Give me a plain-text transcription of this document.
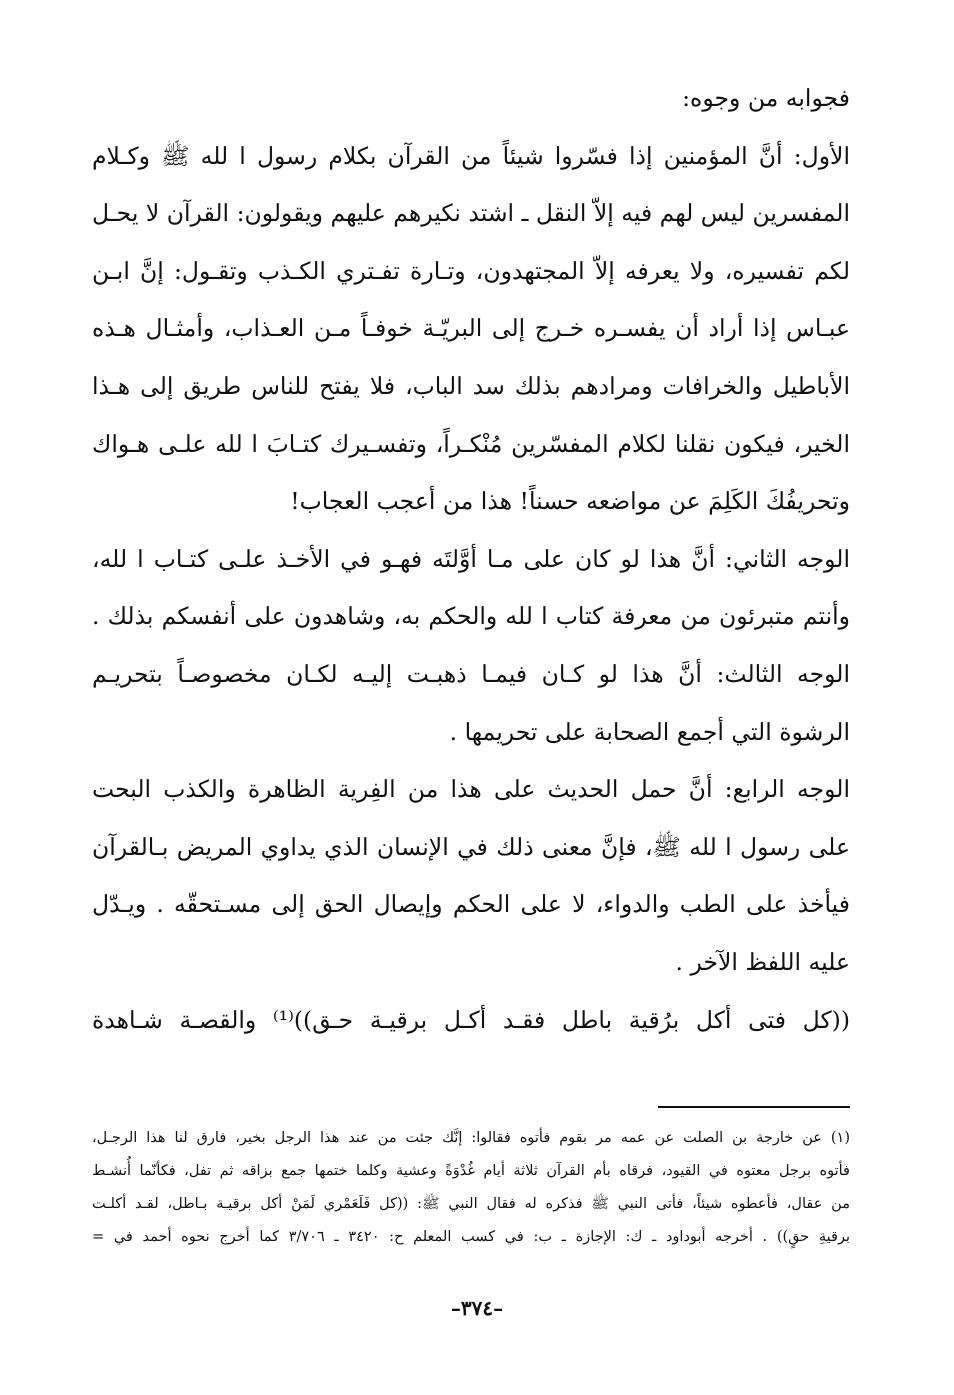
فجوابه من وجوه:
الأول: أنَّ المؤمنين إذا فسّروا شيئاً من القرآن بكلام رسول ا لله ﷺ وكـلام
المفسرين ليس لهم فيه إلاّ النقل ـ اشتد نكيرهم عليهم ويقولون: القرآن لا يحـل
لكم تفسيره، ولا يعرفه إلاّ المجتهدون، وتـارة تفـتري الكـذب وتقـول: إنَّ ابـن
عبـاس إذا أراد أن يفسـره خـرج إلى البريّـة خوفـاً مـن العـذاب، وأمثـال هـذه
الأباطيل والخرافات ومرادهم بذلك سد الباب، فلا يفتح للناس طريق إلى هـذا
الخير، فيكون نقلنا لكلام المفسّرين مُنْكـراً، وتفسـيرك كتـابَ ا لله علـى هـواك
وتحريفُكَ الكَلِمَ عن مواضعه حسناً! هذا من أعجب العجاب!
الوجه الثاني: أنَّ هذا لو كان على مـا أوَّلتَه فهـو في الأخـذ علـى كتـاب ا لله،
وأنتم متبرئون من معرفة كتاب ا لله والحكم به، وشاهدون على أنفسكم بذلك .
الوجه الثالث: أنَّ هذا لو كـان فيمـا ذهبـت إليـه لكـان مخصوصـاً بتحريـم
الرشوة التي أجمع الصحابة على تحريمها .
الوجه الرابع: أنَّ حمل الحديث على هذا من الفِرية الظاهرة والكذب البحت
على رسول ا لله ﷺ، فإنَّ معنى ذلك في الإنسان الذي يداوي المريض بـالقرآن
فيأخذ على الطب والدواء، لا على الحكم وإيصال الحق إلى مسـتحقّه . ويـدّل
عليه اللفظ الآخر .
((كل فتى أكل برُقية باطل فقـد أكـل برقيـة حـق))⁽¹⁾ والقصـة شـاهدة
(١) عن خارجة بن الصلت عن عمه مر بقوم فأتوه فقالوا: إنَّك جئت من عند هذا الرجل بخير، فارق لنا هذا الرجـل،
فأتوه برجل معتوه في القيود، فرقاه بأم القرآن ثلاثة أيام غُدْوَةً وعشية وكلما ختمها جمع بزاقه ثم تفل، فكأنّما أُنشـط
من عقال، فأعطوه شيئاً، فأتى النبي ﷺ فذكره له فقال النبي ﷺ: ((كل فَلَعَمْري لَمَنْ أكل برقيـة بـاطل، لقـد أكلـت
برقيةِ حقٍ)) . أخرجه أبوداود ـ ك: الإجازة ـ ب: في كسب المعلم ح: ٣٤٢٠ ـ ٣/٧٠٦ كما أخرج نحوه أحمد في =
–٣٧٤–
